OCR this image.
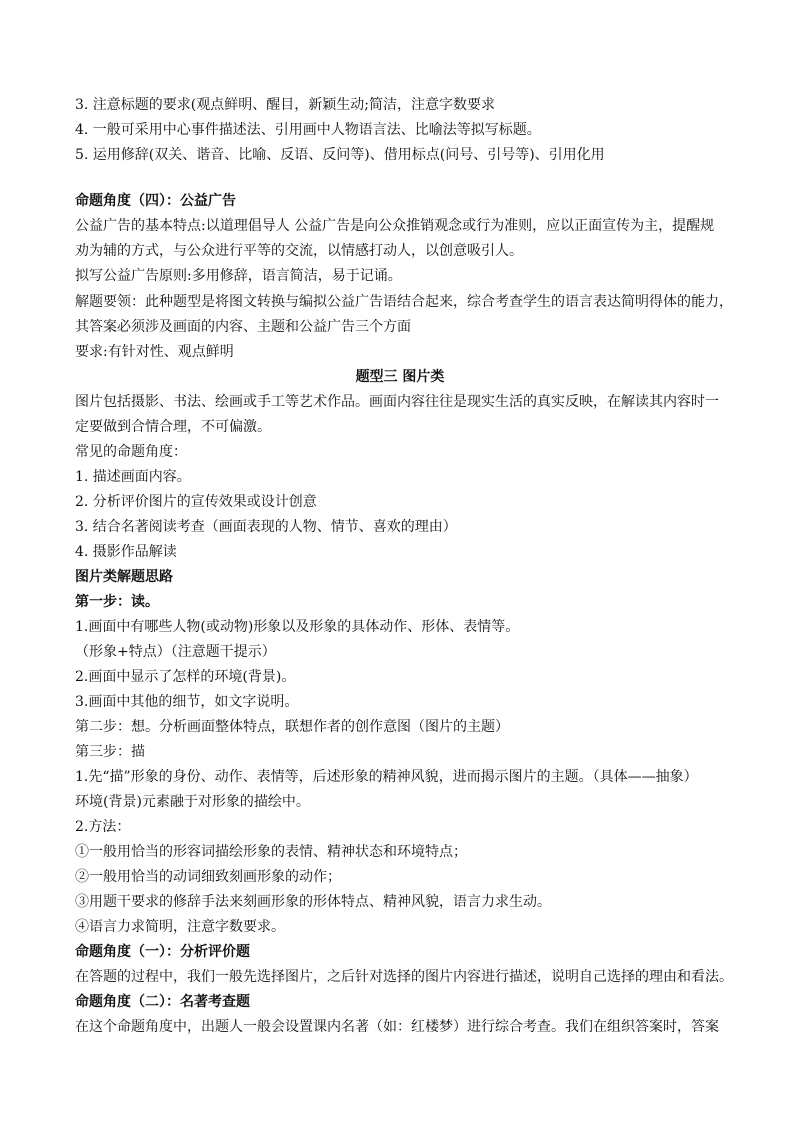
3. 注意标题的要求(观点鲜明、醒目，新颖生动;简洁，注意字数要求
4. 一般可采用中心事件描述法、引用画中人物语言法、比喻法等拟写标题。
5. 运用修辞(双关、谐音、比喻、反语、反问等)、借用标点(问号、引号等)、引用化用
命题角度（四）：公益广告
公益广告的基本特点:以道理倡导人 公益广告是向公众推销观念或行为准则，应以正面宣传为主，提醒规
劝为辅的方式，与公众进行平等的交流，以情感打动人，以创意吸引人。
拟写公益广告原则:多用修辞，语言简洁，易于记诵。
解题要领：此种题型是将图文转换与编拟公益广告语结合起来，综合考查学生的语言表达简明得体的能力，
其答案必须涉及画面的内容、主题和公益广告三个方面
要求:有针对性、观点鲜明
题型三 图片类
图片包括摄影、书法、绘画或手工等艺术作品。画面内容往往是现实生活的真实反映，在解读其内容时一
定要做到合情合理，不可偏激。
常见的命题角度：
1. 描述画面内容。
2. 分析评价图片的宣传效果或设计创意
3. 结合名著阅读考查（画面表现的人物、情节、喜欢的理由）
4. 摄影作品解读
图片类解题思路
第一步：读。
1.画面中有哪些人物(或动物)形象以及形象的具体动作、形体、表情等。
（形象+特点）（注意题干提示）
2.画面中显示了怎样的环境(背景)。
3.画面中其他的细节，如文字说明。
第二步：想。分析画面整体特点，联想作者的创作意图（图片的主题）
第三步：描
1.先“描”形象的身份、动作、表情等，后述形象的精神风貌，进而揭示图片的主题。（具体——抽象）
环境(背景)元素融于对形象的描绘中。
2.方法：
①一般用恰当的形容词描绘形象的表情、精神状态和环境特点；
②一般用恰当的动词细致刻画形象的动作；
③用题干要求的修辞手法来刻画形象的形体特点、精神风貌，语言力求生动。
④语言力求简明，注意字数要求。
命题角度（一）：分析评价题
在答题的过程中，我们一般先选择图片，之后针对选择的图片内容进行描述，说明自己选择的理由和看法。
命题角度（二）：名著考查题
在这个命题角度中，出题人一般会设置课内名著（如：红楼梦）进行综合考查。我们在组织答案时，答案
